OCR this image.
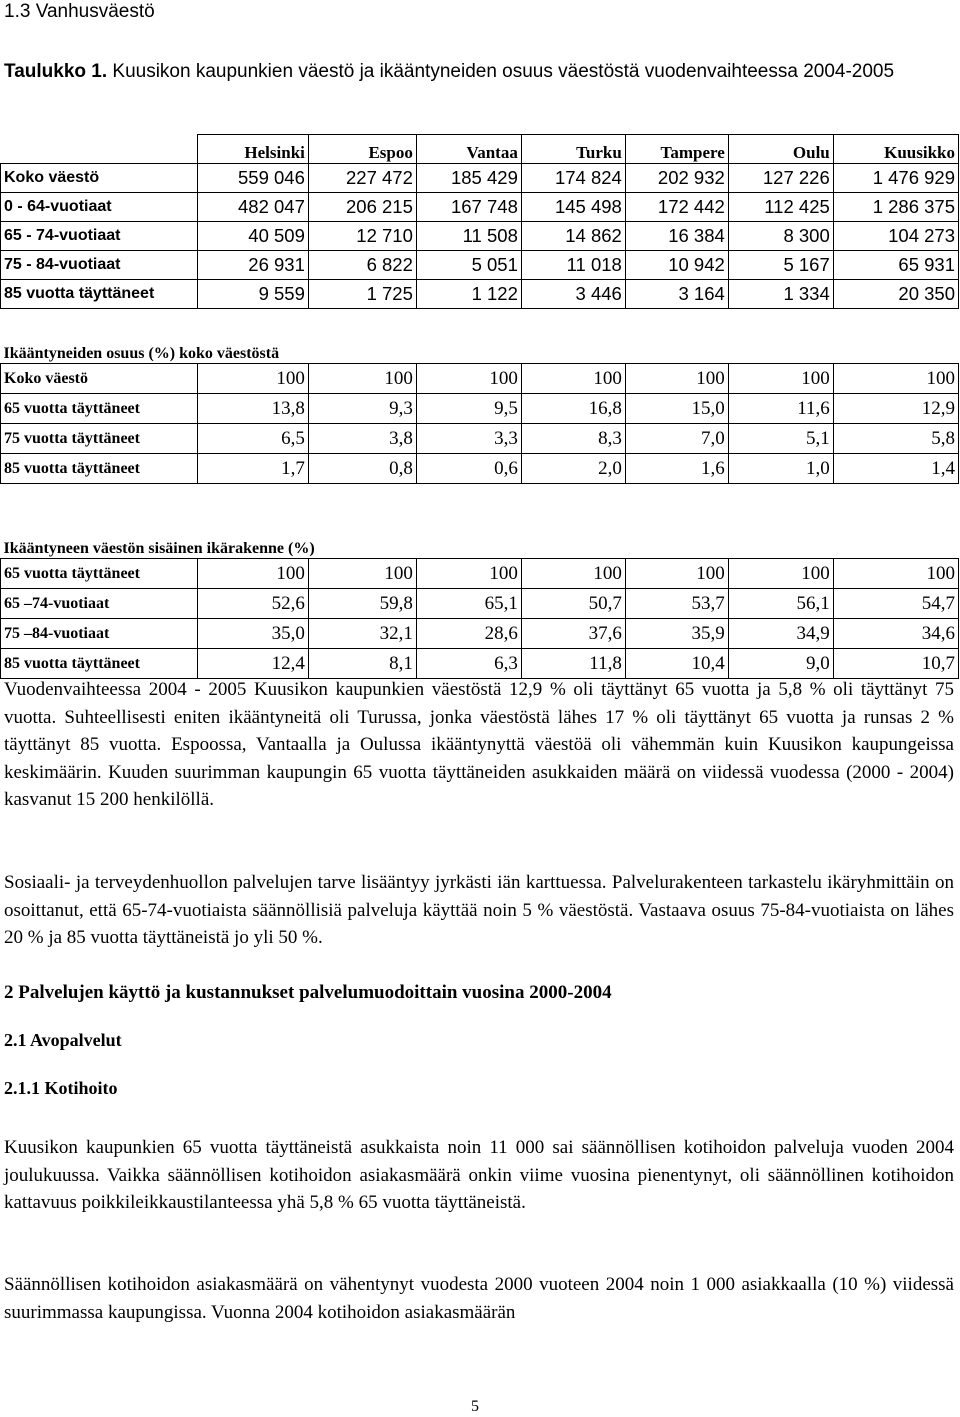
1.3 Vanhusväestö
Taulukko 1. Kuusikon kaupunkien väestö ja ikääntyneiden osuus väestöstä vuodenvaihteessa 2004-2005
	Helsinki	Espoo	Vantaa	Turku	Tampere	Oulu	Kuusikko
Koko väestö	559 046	227 472	185 429	174 824	202 932	127 226	1 476 929
0 - 64-vuotiaat	482 047	206 215	167 748	145 498	172 442	112 425	1 286 375
65 - 74-vuotiaat	40 509	12 710	11 508	14 862	16 384	8 300	104 273
75 - 84-vuotiaat	26 931	6 822	5 051	11 018	10 942	5 167	65 931
85 vuotta täyttäneet	9 559	1 725	1 122	3 446	3 164	1 334	20 350

Ikääntyneiden osuus (%) koko väestöstä							
Koko väestö	100	100	100	100	100	100	100
65 vuotta täyttäneet	13,8	9,3	9,5	16,8	15,0	11,6	12,9
75 vuotta täyttäneet	6,5	3,8	3,3	8,3	7,0	5,1	5,8
85 vuotta täyttäneet	1,7	0,8	0,6	2,0	1,6	1,0	1,4

Ikääntyneen väestön sisäinen ikärakenne (%)							
65 vuotta täyttäneet	100	100	100	100	100	100	100
65 –74-vuotiaat	52,6	59,8	65,1	50,7	53,7	56,1	54,7
75 –84-vuotiaat	35,0	32,1	28,6	37,6	35,9	34,9	34,6
85 vuotta täyttäneet	12,4	8,1	6,3	11,8	10,4	9,0	10,7

Vuodenvaihteessa 2004 - 2005 Kuusikon kaupunkien väestöstä 12,9 % oli täyttänyt 65 vuotta ja 5,8 % oli täyttänyt 75 vuotta. Suhteellisesti eniten ikääntyneitä oli Turussa, jonka väestöstä lähes 17 % oli täyttänyt 65 vuotta ja runsas 2 % täyttänyt 85 vuotta. Espoossa, Vantaalla ja Oulussa ikääntynyttä väestöä oli vähemmän kuin Kuusikon kaupungeissa keskimäärin. Kuuden suurimman kaupungin 65 vuotta täyttäneiden asukkaiden määrä on viidessä vuodessa (2000 - 2004) kasvanut 15 200 henkilöllä.

Sosiaali- ja terveydenhuollon palvelujen tarve lisääntyy jyrkästi iän karttuessa. Palvelurakenteen tarkastelu ikäryhmittäin on osoittanut, että 65-74-vuotiaista säännöllisiä palveluja käyttää noin 5 % väestöstä. Vastaava osuus 75-84-vuotiaista on lähes 20 % ja 85 vuotta täyttäneistä jo yli 50 %.

2 Palvelujen käyttö ja kustannukset palvelumuodoittain vuosina 2000-2004
2.1 Avopalvelut
2.1.1 Kotihoito

Kuusikon kaupunkien 65 vuotta täyttäneistä asukkaista noin 11 000 sai säännöllisen kotihoidon palveluja vuoden 2004 joulukuussa. Vaikka säännöllisen kotihoidon asiakasmäärä onkin viime vuosina pienentynyt, oli säännöllinen kotihoidon kattavuus poikkileikkaustilanteessa yhä 5,8 % 65 vuotta täyttäneistä.

Säännöllisen kotihoidon asiakasmäärä on vähentynyt vuodesta 2000 vuoteen 2004 noin 1 000 asiakkaalla (10 %) viidessä suurimmassa kaupungissa. Vuonna 2004 kotihoidon asiakasmäärän

5
